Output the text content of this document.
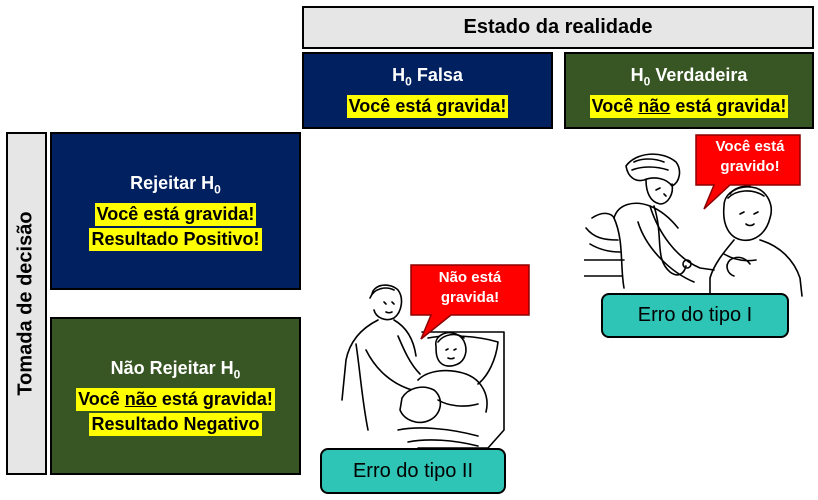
Estado da realidade
Tomada de decisão
$H_0$ Falsa
Você está gravida!
$H_0$ Verdadeira
Você não está gravida!
Rejeitar $H_0$
Você está gravida!
Resultado Positivo!
Não Rejeitar $H_0$
Você não está gravida!
Resultado Negativo
Você está
gravido!
Não está
gravida!
Erro do tipo I
Erro do tipo II
